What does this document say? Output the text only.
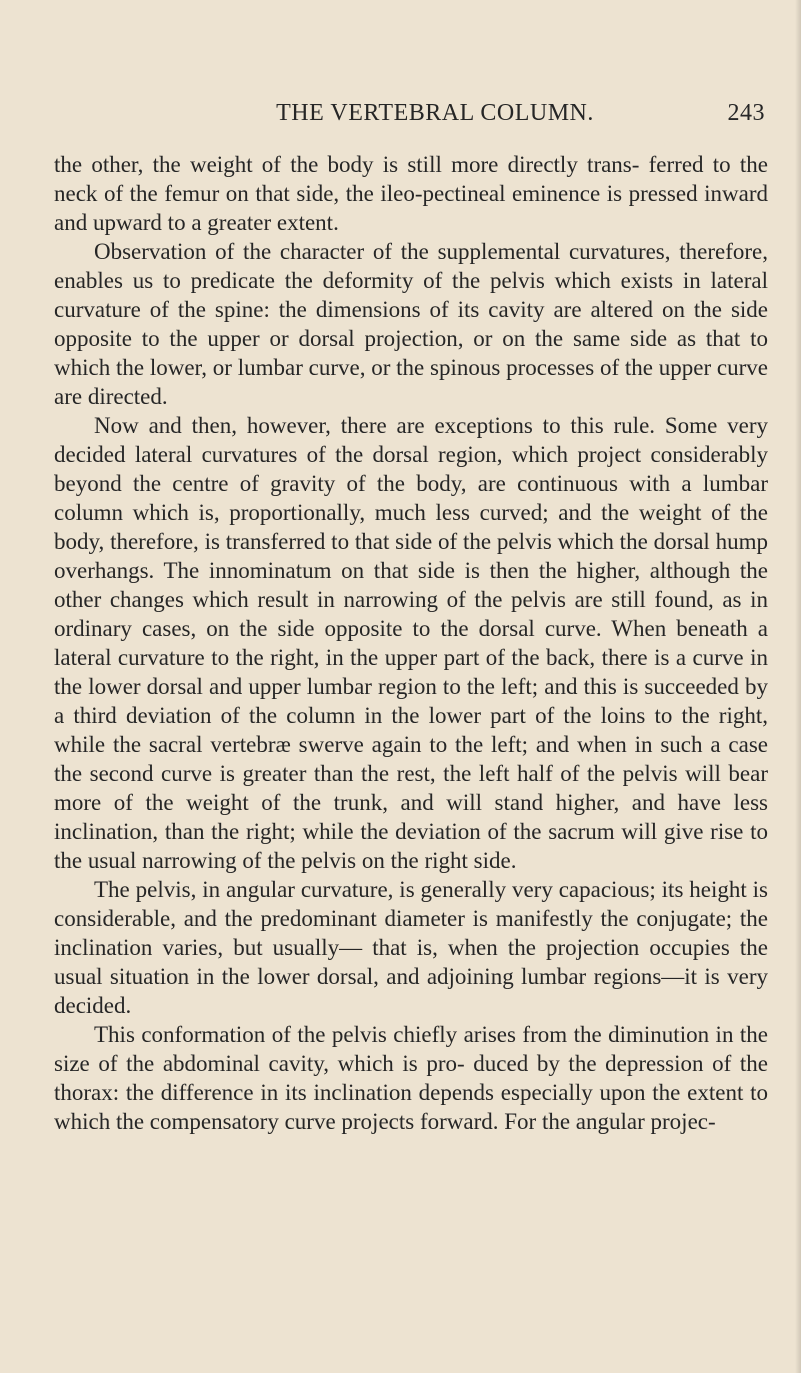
THE VERTEBRAL COLUMN.	243

the other, the weight of the body is still more directly trans- ferred to the neck of the femur on that side, the ileo-pectineal eminence is pressed inward and upward to a greater extent.

Observation of the character of the supplemental curvatures, therefore, enables us to predicate the deformity of the pelvis which exists in lateral curvature of the spine: the dimensions of its cavity are altered on the side opposite to the upper or dorsal projection, or on the same side as that to which the lower, or lumbar curve, or the spinous processes of the upper curve are directed.

Now and then, however, there are exceptions to this rule. Some very decided lateral curvatures of the dorsal region, which project considerably beyond the centre of gravity of the body, are continuous with a lumbar column which is, proportionally, much less curved; and the weight of the body, therefore, is transferred to that side of the pelvis which the dorsal hump overhangs. The innominatum on that side is then the higher, although the other changes which result in narrowing of the pelvis are still found, as in ordinary cases, on the side opposite to the dorsal curve. When beneath a lateral curvature to the right, in the upper part of the back, there is a curve in the lower dorsal and upper lumbar region to the left; and this is succeeded by a third deviation of the column in the lower part of the loins to the right, while the sacral vertebræ swerve again to the left; and when in such a case the second curve is greater than the rest, the left half of the pelvis will bear more of the weight of the trunk, and will stand higher, and have less inclination, than the right; while the deviation of the sacrum will give rise to the usual narrowing of the pelvis on the right side.

The pelvis, in angular curvature, is generally very capacious; its height is considerable, and the predominant diameter is manifestly the conjugate; the inclination varies, but usually— that is, when the projection occupies the usual situation in the lower dorsal, and adjoining lumbar regions—it is very decided.

This conformation of the pelvis chiefly arises from the diminution in the size of the abdominal cavity, which is pro- duced by the depression of the thorax: the difference in its inclination depends especially upon the extent to which the compensatory curve projects forward. For the angular projec-
